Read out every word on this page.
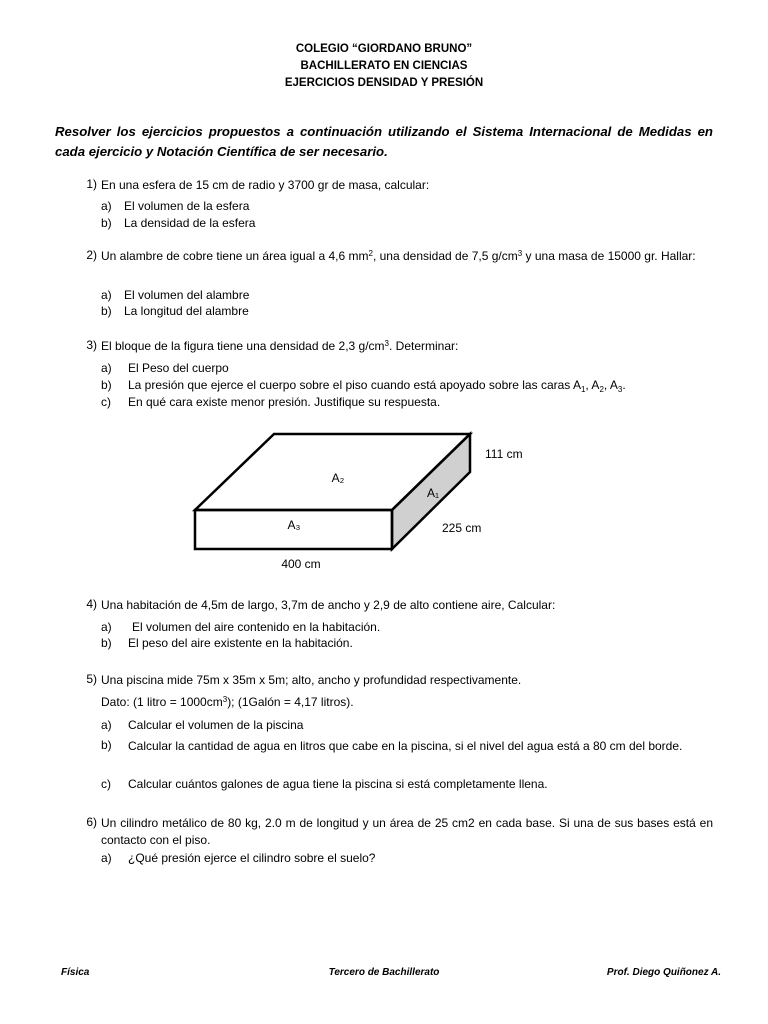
COLEGIO “GIORDANO BRUNO”
BACHILLERATO EN CIENCIAS
EJERCICIOS DENSIDAD Y PRESIÓN
Resolver los ejercicios propuestos a continuación utilizando el Sistema Internacional de Medidas en cada ejercicio y Notación Científica de ser necesario.
1) En una esfera de 15 cm de radio y 3700 gr de masa, calcular:
a) El volumen de la esfera
b) La densidad de la esfera
2) Un alambre de cobre tiene un área igual a 4,6 $mm^2$, una densidad de 7,5 $g/cm^3$ y una masa de 15000 gr. Hallar:
a) El volumen del alambre
b) La longitud del alambre
3) El bloque de la figura tiene una densidad de 2,3 $g/cm^3$. Determinar:
a) El Peso del cuerpo
b) La presión que ejerce el cuerpo sobre el piso cuando está apoyado sobre las caras $A_1$, $A_2$, $A_3$.
c) En qué cara existe menor presión. Justifique su respuesta.
A₂
A₁
A₃
111 cm
225 cm
400 cm
4) Una habitación de 4,5m de largo, 3,7m de ancho y 2,9 de alto contiene aire, Calcular:
a) El volumen del aire contenido en la habitación.
b) El peso del aire existente en la habitación.
5) Una piscina mide 75m x 35m x 5m; alto, ancho y profundidad respectivamente.
Dato: (1 litro = $1000cm^3$); (1Galón = 4,17 litros).
a) Calcular el volumen de la piscina
b) Calcular la cantidad de agua en litros que cabe en la piscina, si el nivel del agua está a 80 cm del borde.
c) Calcular cuántos galones de agua tiene la piscina si está completamente llena.
6) Un cilindro metálico de 80 kg, 2.0 m de longitud y un área de 25 cm2 en cada base. Si una de sus bases está en contacto con el piso.
a) ¿Qué presión ejerce el cilindro sobre el suelo?
Física	Tercero de Bachillerato	Prof. Diego Quiñonez A.
